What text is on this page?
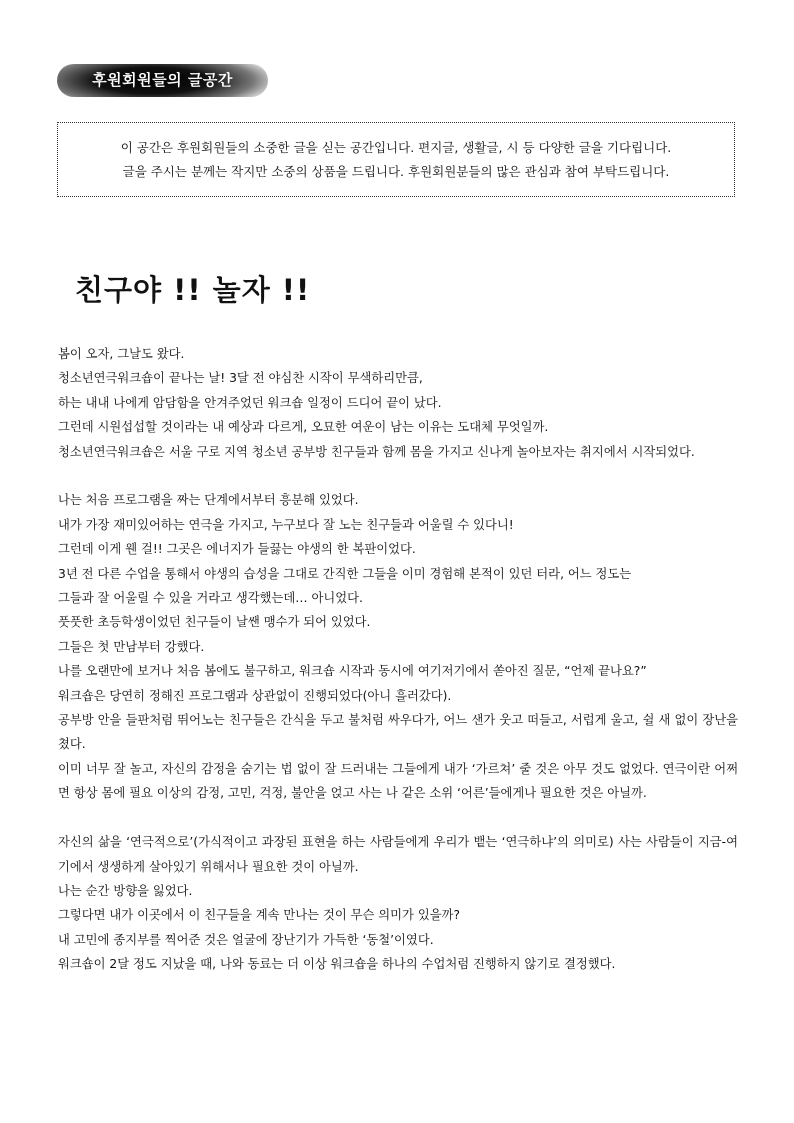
후원회원들의 글공간
이 공간은 후원회원들의 소중한 글을 싣는 공간입니다. 편지글, 생활글, 시 등 다양한 글을 기다립니다.
글을 주시는 분께는 작지만 소중의 상품을 드립니다. 후원회원분들의 많은 관심과 참여 부탁드립니다.
친구야 !! 놀자 !!

봄이 오자, 그날도 왔다.

청소년연극워크숍이 끝나는 날! 3달 전 야심찬 시작이 무색하리만큼,

하는 내내 나에게 암담함을 안겨주었던 워크숍 일정이 드디어 끝이 났다.

그런데 시원섭섭할 것이라는 내 예상과 다르게, 오묘한 여운이 남는 이유는 도대체 무엇일까.

청소년연극워크숍은 서울 구로 지역 청소년 공부방 친구들과 함께 몸을 가지고 신나게 놀아보자는 취지에서 시작되었다.

나는 처음 프로그램을 짜는 단계에서부터 흥분해 있었다.

내가 가장 재미있어하는 연극을 가지고, 누구보다 잘 노는 친구들과 어울릴 수 있다니!

그런데 이게 웬 걸!! 그곳은 에너지가 들끓는 야생의 한 복판이었다.

3년 전 다른 수업을 통해서 야생의 습성을 그대로 간직한 그들을 이미 경험해 본적이 있던 터라, 어느 정도는

그들과 잘 어울릴 수 있을 거라고 생각했는데… 아니었다.

풋풋한 초등학생이었던 친구들이 날쌘 맹수가 되어 있었다.

그들은 첫 만남부터 강했다.

나를 오랜만에 보거나 처음 봄에도 불구하고, 워크숍 시작과 동시에 여기저기에서 쏟아진 질문, “언제 끝나요?”

워크숍은 당연히 정해진 프로그램과 상관없이 진행되었다(아니 흘러갔다).

공부방 안을 들판처럼 뛰어노는 친구들은 간식을 두고 불처럼 싸우다가, 어느 샌가 웃고 떠들고, 서럽게 울고, 쉴 새 없이 장난을 쳤다.

이미 너무 잘 놀고, 자신의 감정을 숨기는 법 없이 잘 드러내는 그들에게 내가 ‘가르쳐’ 줄 것은 아무 것도 없었다. 연극이란 어쩌면 항상 몸에 필요 이상의 감정, 고민, 걱정, 불안을 얹고 사는 나 같은 소위 ‘어른’들에게나 필요한 것은 아닐까.

자신의 삶을 ‘연극적으로’(가식적이고 과장된 표현을 하는 사람들에게 우리가 뱉는 ‘연극하냐’의 의미로) 사는 사람들이 지금-여기에서 생생하게 살아있기 위해서나 필요한 것이 아닐까.

나는 순간 방향을 잃었다.

그렇다면 내가 이곳에서 이 친구들을 계속 만나는 것이 무슨 의미가 있을까?

내 고민에 종지부를 찍어준 것은 얼굴에 장난기가 가득한 ‘동철’이였다.

워크숍이 2달 정도 지났을 때, 나와 동료는 더 이상 워크숍을 하나의 수업처럼 진행하지 않기로 결정했다.
